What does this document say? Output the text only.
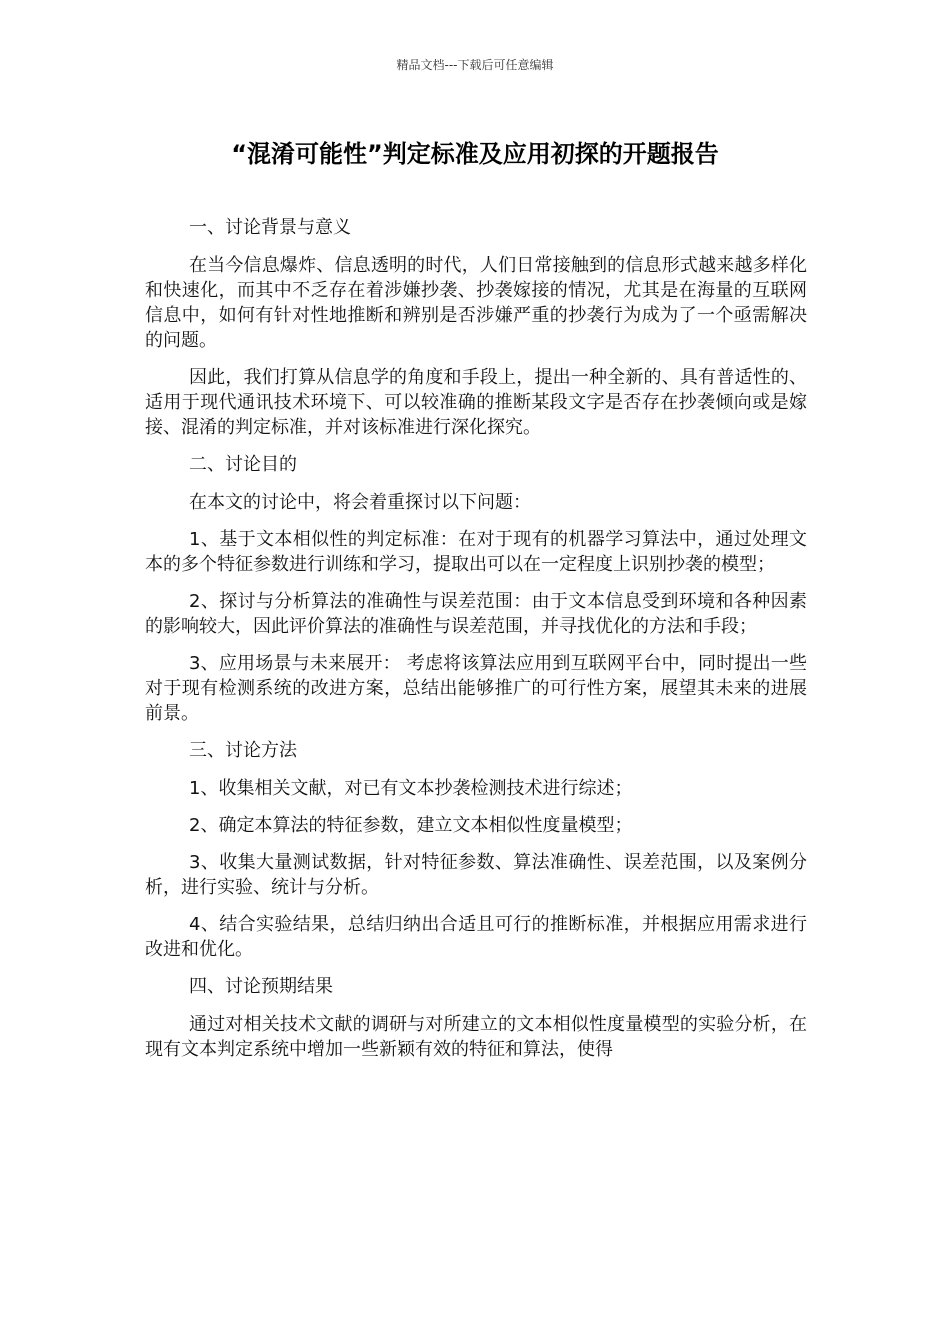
精品文档---下载后可任意编辑
“混淆可能性”判定标准及应用初探的开题报告

一、讨论背景与意义

在当今信息爆炸、信息透明的时代，人们日常接触到的信息形式越来越多样化和快速化，而其中不乏存在着涉嫌抄袭、抄袭嫁接的情况，尤其是在海量的互联网信息中，如何有针对性地推断和辨别是否涉嫌严重的抄袭行为成为了一个亟需解决的问题。

因此，我们打算从信息学的角度和手段上，提出一种全新的、具有普适性的、适用于现代通讯技术环境下、可以较准确的推断某段文字是否存在抄袭倾向或是嫁接、混淆的判定标准，并对该标准进行深化探究。

二、讨论目的

在本文的讨论中，将会着重探讨以下问题：

1、基于文本相似性的判定标准：在对于现有的机器学习算法中，通过处理文本的多个特征参数进行训练和学习，提取出可以在一定程度上识别抄袭的模型；

2、探讨与分析算法的准确性与误差范围：由于文本信息受到环境和各种因素的影响较大，因此评价算法的准确性与误差范围，并寻找优化的方法和手段；

3、应用场景与未来展开： 考虑将该算法应用到互联网平台中，同时提出一些对于现有检测系统的改进方案，总结出能够推广的可行性方案，展望其未来的进展前景。

三、讨论方法

1、收集相关文献，对已有文本抄袭检测技术进行综述；

2、确定本算法的特征参数，建立文本相似性度量模型；

3、收集大量测试数据，针对特征参数、算法准确性、误差范围，以及案例分析，进行实验、统计与分析。

4、结合实验结果，总结归纳出合适且可行的推断标准，并根据应用需求进行改进和优化。

四、讨论预期结果

通过对相关技术文献的调研与对所建立的文本相似性度量模型的实验分析，在现有文本判定系统中增加一些新颖有效的特征和算法，使得
